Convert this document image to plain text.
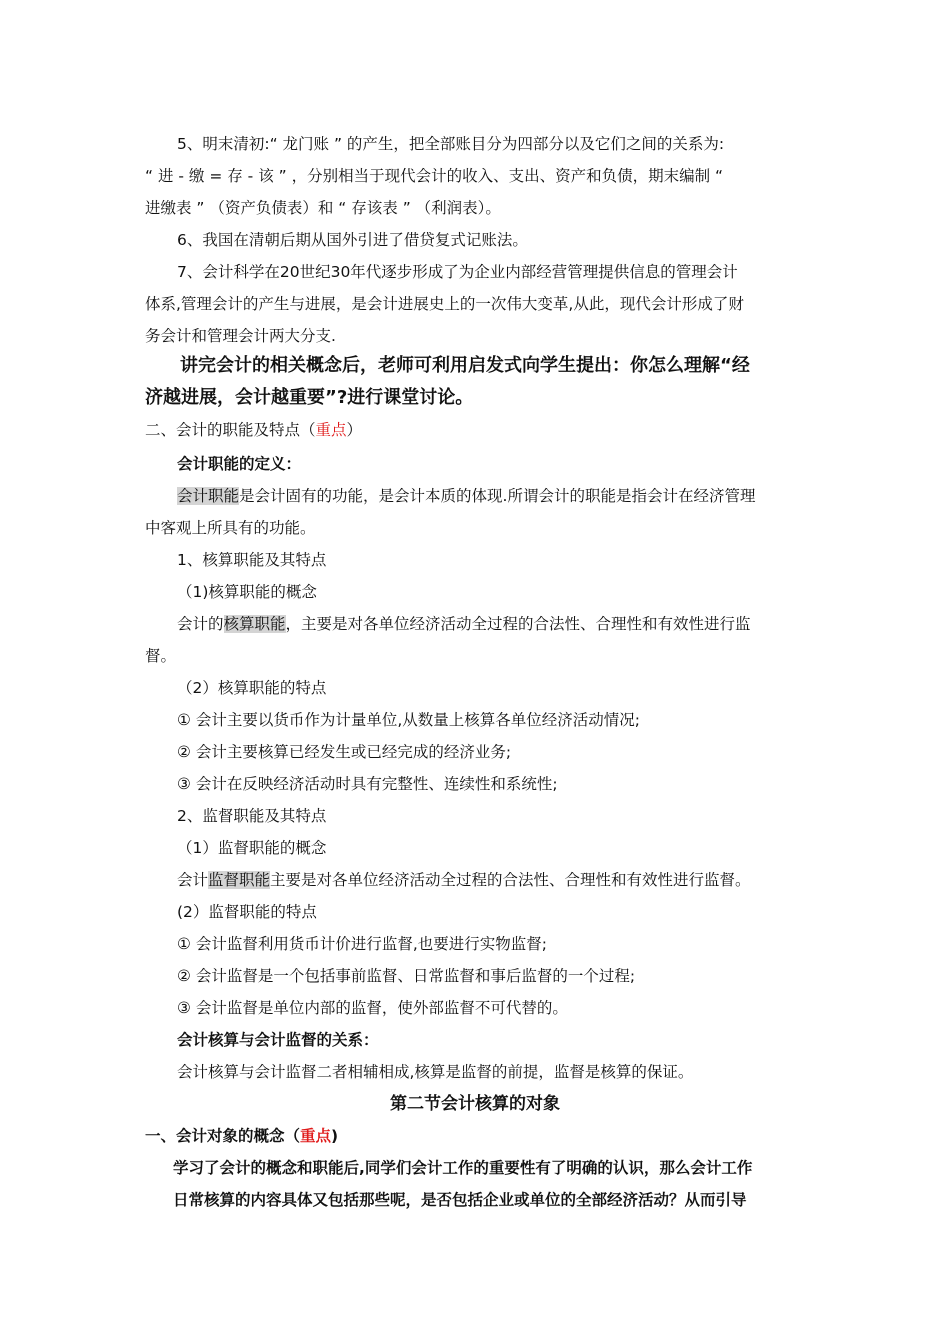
5、明末清初:“ 龙门账 ” 的产生，把全部账目分为四部分以及它们之间的关系为:
“ 进 - 缴 = 存 - 该 ” ，分别相当于现代会计的收入、支出、资产和负债，期末编制 “
进缴表 ” （资产负债表）和 “ 存该表 ” （利润表）。
6、我国在清朝后期从国外引进了借贷复式记账法。
7、会计科学在20世纪30年代逐步形成了为企业内部经营管理提供信息的管理会计
体系,管理会计的产生与进展，是会计进展史上的一次伟大变革,从此，现代会计形成了财
务会计和管理会计两大分支.
讲完会计的相关概念后，老师可利用启发式向学生提出：你怎么理解“经
济越进展，会计越重要”?进行课堂讨论。
二、会计的职能及特点（重点）
会计职能的定义：
会计职能是会计固有的功能，是会计本质的体现.所谓会计的职能是指会计在经济管理
中客观上所具有的功能。
1、核算职能及其特点
（1)核算职能的概念
会计的核算职能，主要是对各单位经济活动全过程的合法性、合理性和有效性进行监
督。
（2）核算职能的特点
① 会计主要以货币作为计量单位,从数量上核算各单位经济活动情况;
② 会计主要核算已经发生或已经完成的经济业务;
③ 会计在反映经济活动时具有完整性、连续性和系统性;
2、监督职能及其特点
（1）监督职能的概念
会计监督职能主要是对各单位经济活动全过程的合法性、合理性和有效性进行监督。
(2）监督职能的特点
① 会计监督利用货币计价进行监督,也要进行实物监督;
② 会计监督是一个包括事前监督、日常监督和事后监督的一个过程;
③ 会计监督是单位内部的监督，使外部监督不可代替的。
会计核算与会计监督的关系：
会计核算与会计监督二者相辅相成,核算是监督的前提，监督是核算的保证。
第二节会计核算的对象
一、会计对象的概念（重点)
学习了会计的概念和职能后,同学们会计工作的重要性有了明确的认识，那么会计工作
日常核算的内容具体又包括那些呢，是否包括企业或单位的全部经济活动？从而引导
